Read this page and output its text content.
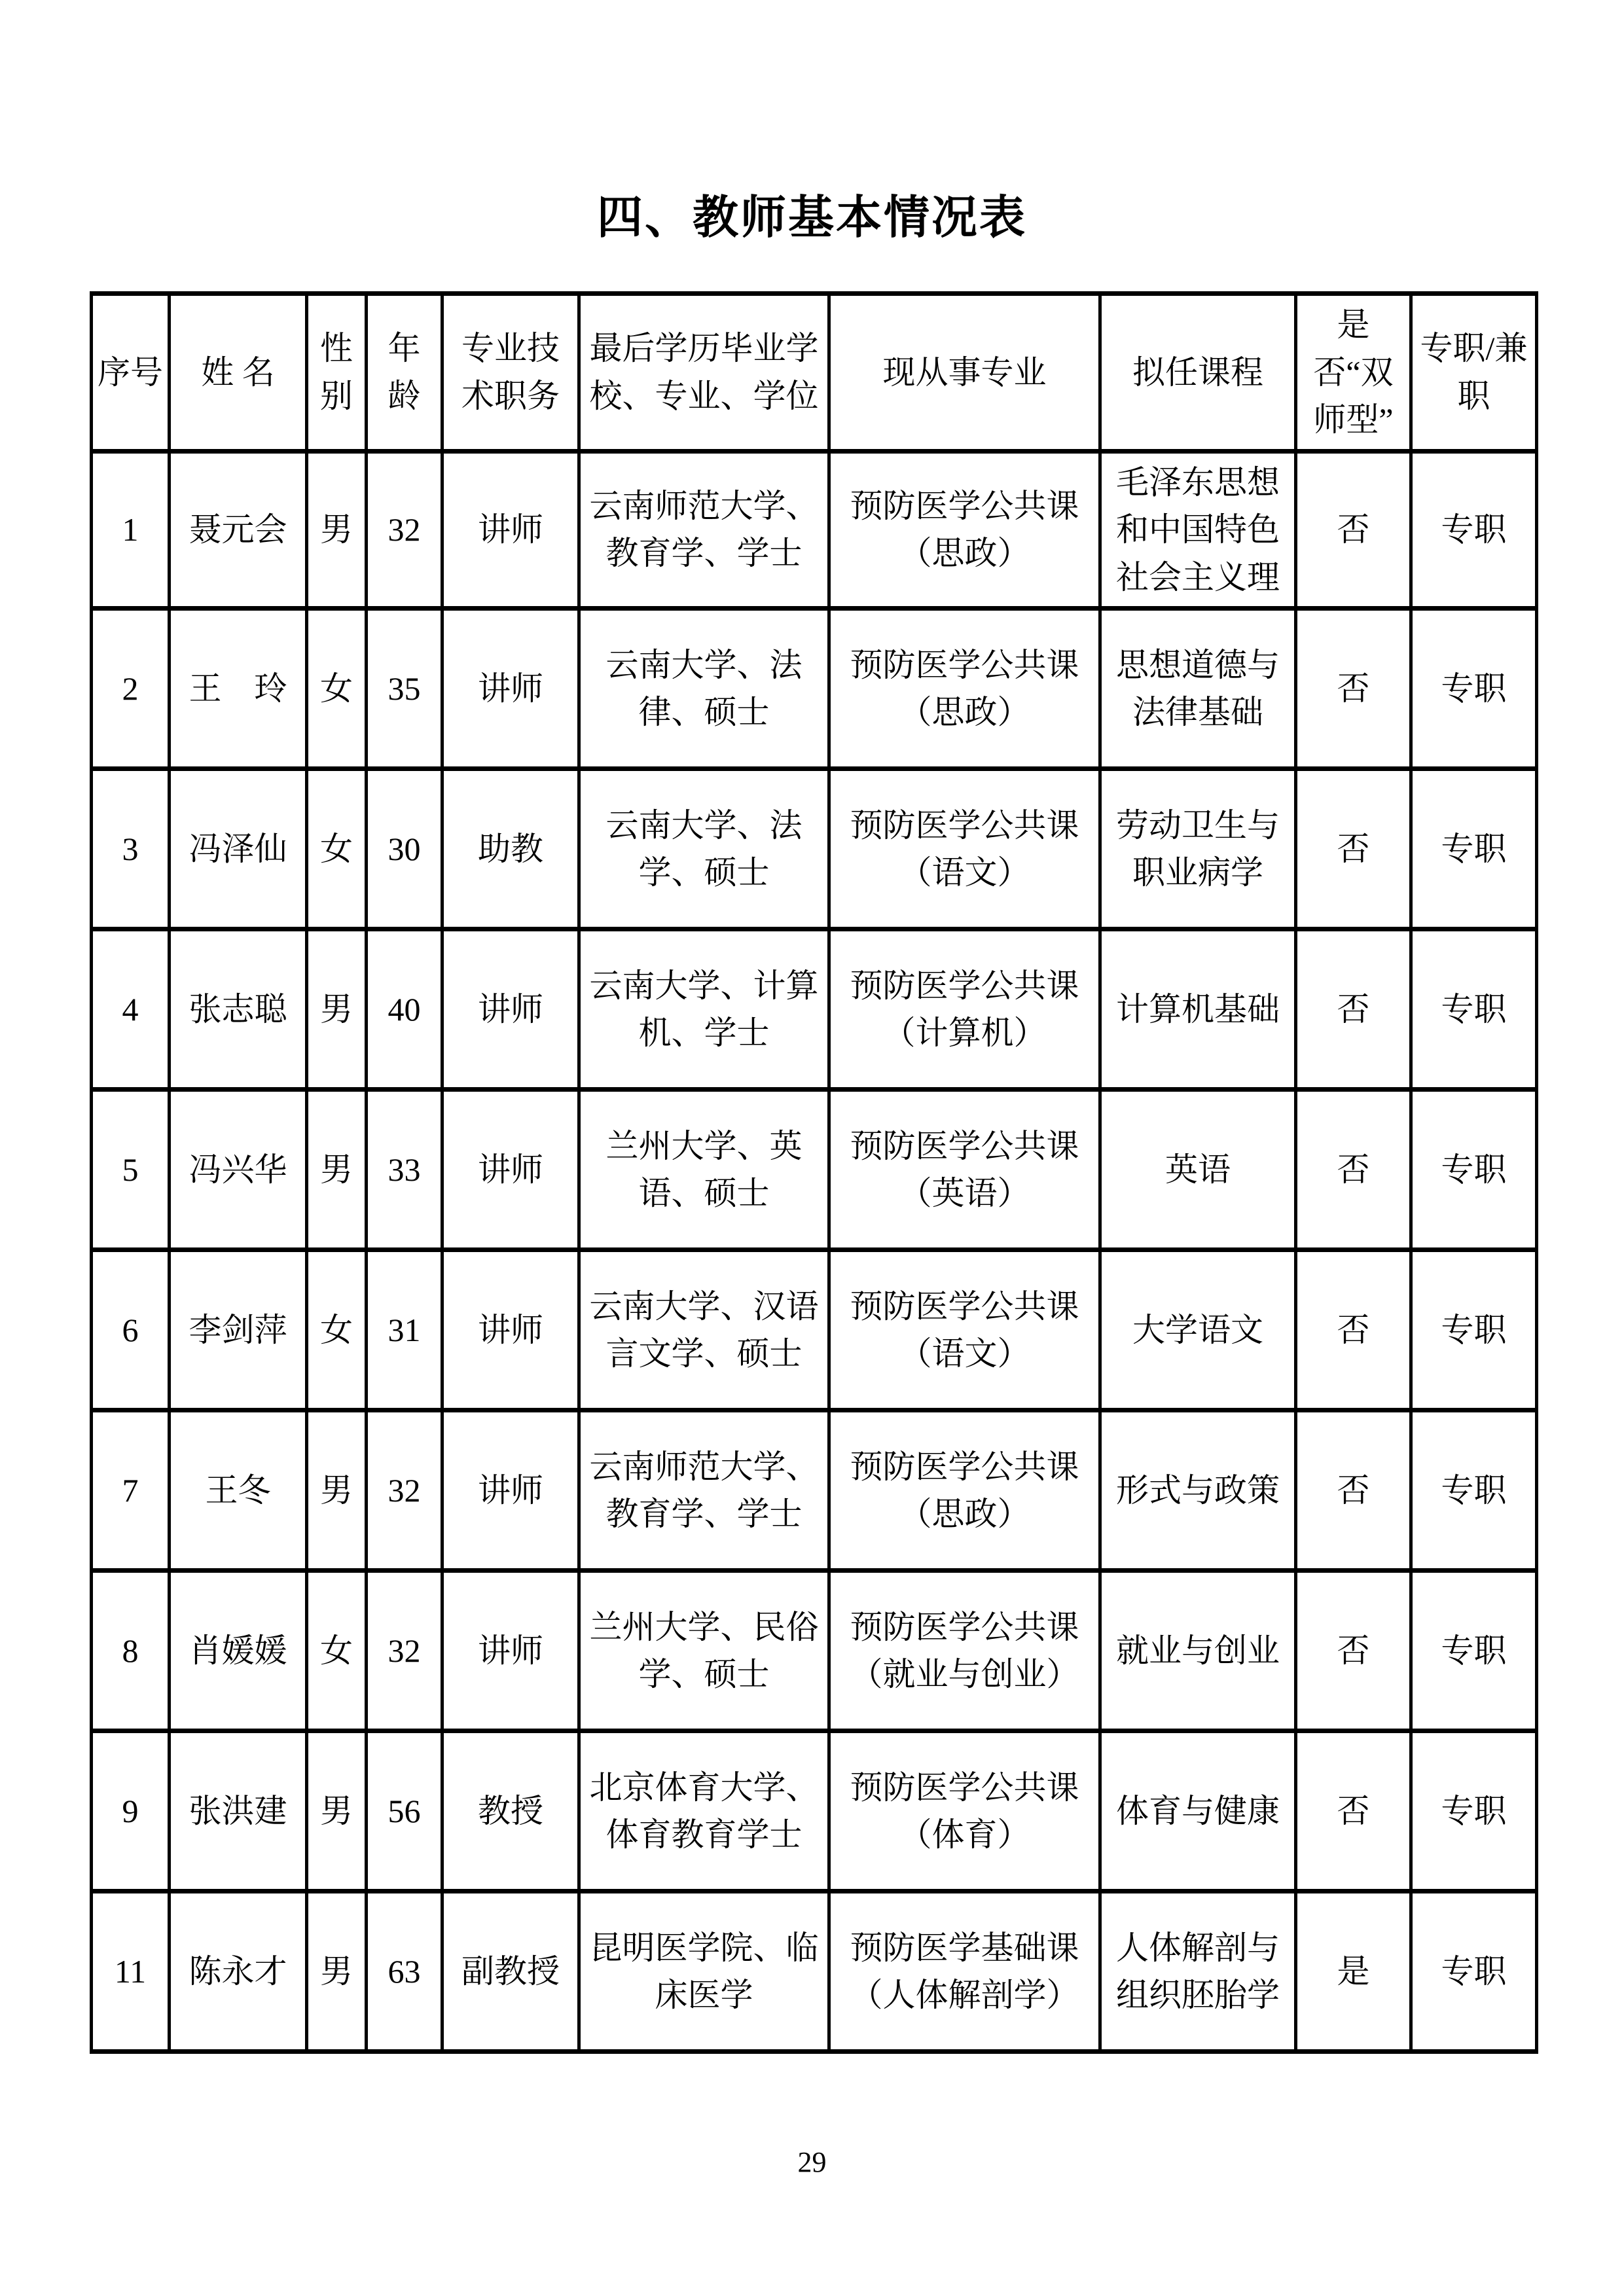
四、教师基本情况表
序号	姓 名	性别	年龄	专业技术职务	最后学历毕业学校、专业、学位	现从事专业	拟任课程	是否“双师型”	专职/兼职
1	聂元会	男	32	讲师	云南师范大学、教育学、学士	预防医学公共课（思政）	毛泽东思想和中国特色社会主义理	否	专职
2	王　玲	女	35	讲师	云南大学、法律、硕士	预防医学公共课（思政）	思想道德与法律基础	否	专职
3	冯泽仙	女	30	助教	云南大学、法学、硕士	预防医学公共课（语文）	劳动卫生与职业病学	否	专职
4	张志聪	男	40	讲师	云南大学、计算机、学士	预防医学公共课（计算机）	计算机基础	否	专职
5	冯兴华	男	33	讲师	兰州大学、英语、硕士	预防医学公共课（英语）	英语	否	专职
6	李剑萍	女	31	讲师	云南大学、汉语言文学、硕士	预防医学公共课（语文）	大学语文	否	专职
7	王冬	男	32	讲师	云南师范大学、教育学、学士	预防医学公共课（思政）	形式与政策	否	专职
8	肖媛媛	女	32	讲师	兰州大学、民俗学、硕士	预防医学公共课（就业与创业）	就业与创业	否	专职
9	张洪建	男	56	教授	北京体育大学、体育教育学士	预防医学公共课（体育）	体育与健康	否	专职
11	陈永才	男	63	副教授	昆明医学院、临床医学	预防医学基础课（人体解剖学）	人体解剖与组织胚胎学	是	专职
29
